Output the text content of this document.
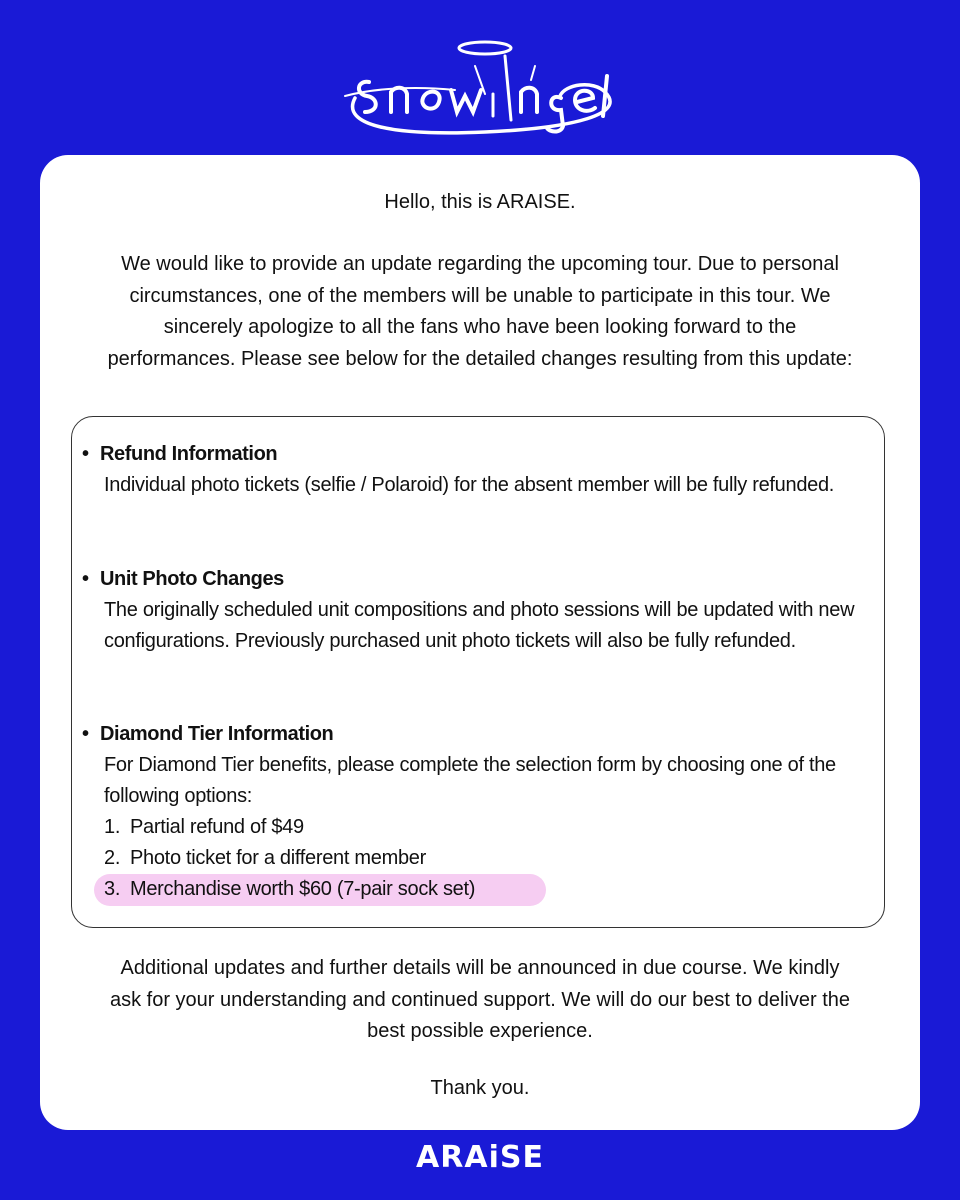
Hello, this is ARAISE.

We would like to provide an update regarding the upcoming tour. Due to personal circumstances, one of the members will be unable to participate in this tour. We sincerely apologize to all the fans who have been looking forward to the performances. Please see below for the detailed changes resulting from this update:

• Refund Information
Individual photo tickets (selfie / Polaroid) for the absent member will be fully refunded.
• Unit Photo Changes
The originally scheduled unit compositions and photo sessions will be updated with new configurations. Previously purchased unit photo tickets will also be fully refunded.
• Diamond Tier Information
For Diamond Tier benefits, please complete the selection form by choosing one of the following options:
1. Partial refund of $49
2. Photo ticket for a different member
3. Merchandise worth $60 (7-pair sock set)

Additional updates and further details will be announced in due course. We kindly ask for your understanding and continued support. We will do our best to deliver the best possible experience.

Thank you.

ARAiSE
